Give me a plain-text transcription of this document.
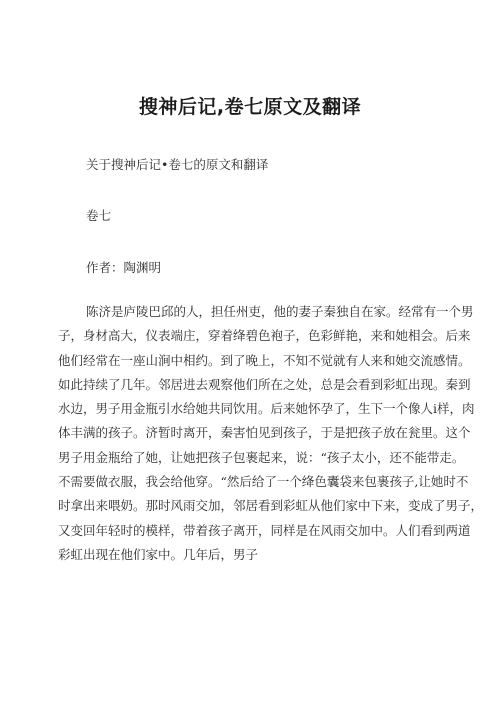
搜神后记,卷七原文及翻译
关于搜神后记•卷七的原文和翻译
卷七
作者：陶渊明
陈济是庐陵巴邱的人，担任州吏，他的妻子秦独自在家。经常有一个男
子，身材高大，仪表端庄，穿着绛碧色袍子，色彩鲜艳，来和她相会。后来
他们经常在一座山涧中相约。到了晚上，不知不觉就有人来和她交流感情。
如此持续了几年。邻居进去观察他们所在之处，总是会看到彩虹出现。秦到
水边，男子用金瓶引水给她共同饮用。后来她怀孕了，生下一个像人i样，肉
体丰满的孩子。济暂时离开，秦害怕见到孩子，于是把孩子放在瓮里。这个
男子用金瓶给了她，让她把孩子包裹起来，说：“孩子太小，还不能带走。
不需要做衣服，我会给他穿。“然后给了一个绛色囊袋来包裹孩子,让她时不
时拿出来喂奶。那时风雨交加，邻居看到彩虹从他们家中下来，变成了男子，
又变回年轻时的模样，带着孩子离开，同样是在风雨交加中。人们看到两道
彩虹出现在他们家中。几年后，男子
